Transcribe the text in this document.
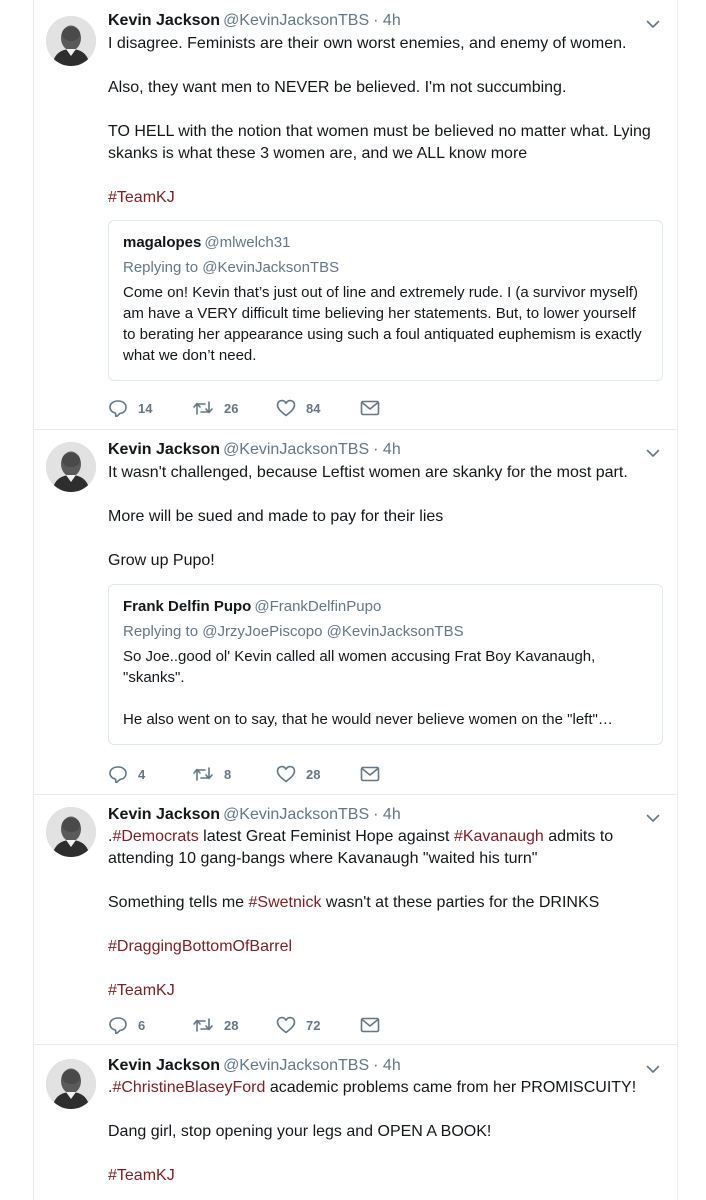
Kevin Jackson @KevinJacksonTBS · 4h

I disagree. Feminists are their own worst enemies, and enemy of women.

Also, they want men to NEVER be believed. I'm not succumbing.

TO HELL with the notion that women must be believed no matter what. Lying skanks is what these 3 women are, and we ALL know more

#TeamKJ

magalopes @mlwelch31
Replying to @KevinJacksonTBS

Come on! Kevin that’s just out of line and extremely rude. I (a survivor myself) am have a VERY difficult time believing her statements. But, to lower yourself to berating her appearance using such a foul antiquated euphemism is exactly what we don’t need.

14	26	84
Kevin Jackson @KevinJacksonTBS · 4h

It wasn't challenged, because Leftist women are skanky for the most part.

More will be sued and made to pay for their lies

Grow up Pupo!

Frank Delfin Pupo @FrankDelfinPupo
Replying to @JrzyJoePiscopo @KevinJacksonTBS

So Joe..good ol' Kevin called all women accusing Frat Boy Kavanaugh, "skanks".

He also went on to say, that he would never believe women on the "left"…

4	8	28
Kevin Jackson @KevinJacksonTBS · 4h

.#Democrats latest Great Feminist Hope against #Kavanaugh admits to attending 10 gang-bangs where Kavanaugh "waited his turn"

Something tells me #Swetnick wasn't at these parties for the DRINKS

#DraggingBottomOfBarrel

#TeamKJ

6	28	72
Kevin Jackson @KevinJacksonTBS · 4h

.#ChristineBlaseyFord academic problems came from her PROMISCUITY!

Dang girl, stop opening your legs and OPEN A BOOK!

#TeamKJ
